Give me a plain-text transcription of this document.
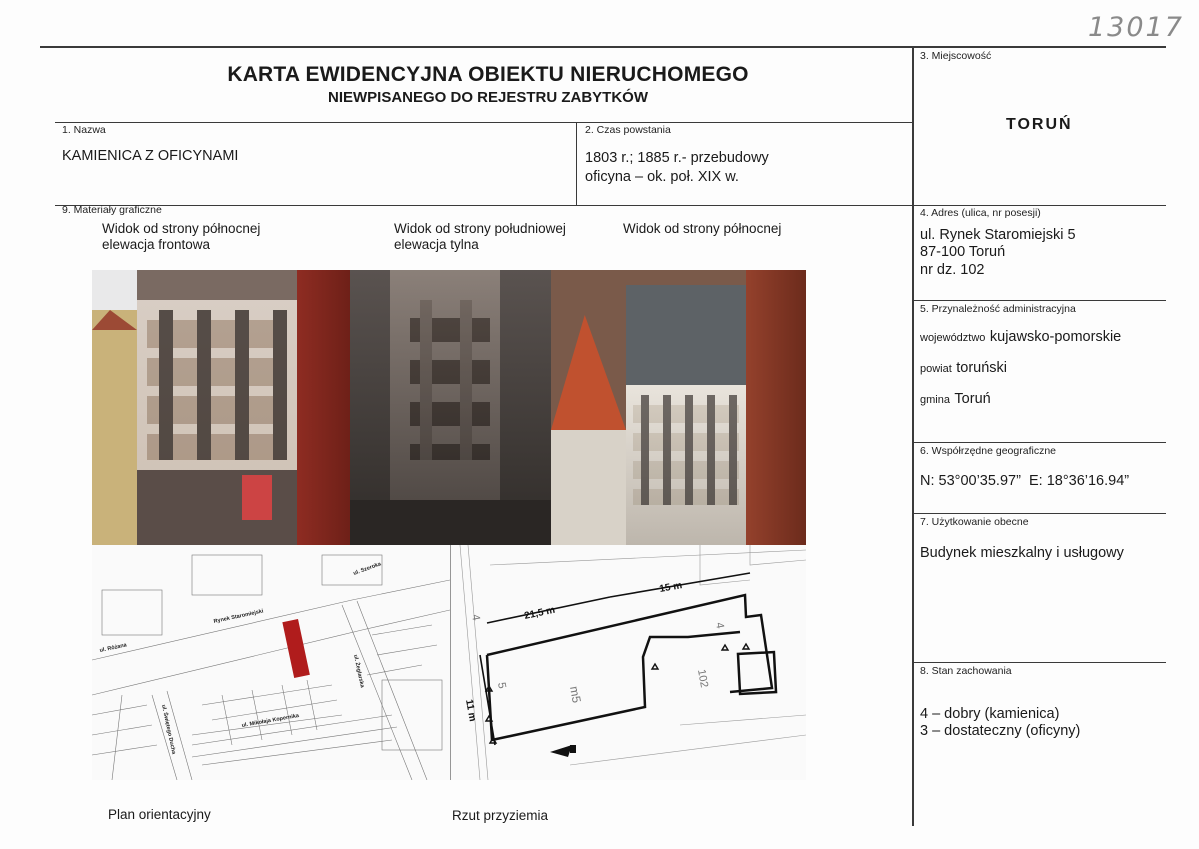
13017
KARTA EWIDENCYJNA OBIEKTU NIERUCHOMEGO
NIEWPISANEGO DO REJESTRU ZABYTKÓW
1. Nazwa
KAMIENICA Z OFICYNAMI
2. Czas powstania
1803 r.; 1885 r.- przebudowy
oficyna – ok. poł. XIX w.
3. Miejscowość
TORUŃ
4. Adres (ulica, nr posesji)
ul. Rynek Staromiejski 5
87-100 Toruń
nr dz. 102
5. Przynależność administracyjna
województwo kujawsko-pomorskie
powiat toruński
gmina Toruń
6. Współrzędne geograficzne
N: 53°00’35.97”  E: 18°36’16.94”
7. Użytkowanie obecne
Budynek mieszkalny i usługowy
8. Stan zachowania
4 – dobry (kamienica)
3 – dostateczny (oficyny)
9. Materiały graficzne
Widok od strony północnej
elewacja frontowa
Widok od strony południowej
elewacja tylna
Widok od strony północnej
Rynek Staromiejski
ul. Szeroka
ul. Różana
ul. Świętego Ducha
ul. Żeglarska
ul. Mikołaja Kopernika
21,5 m
15 m
11 m
m5
102
4
5
4
Plan orientacyjny	Rzut przyziemia
